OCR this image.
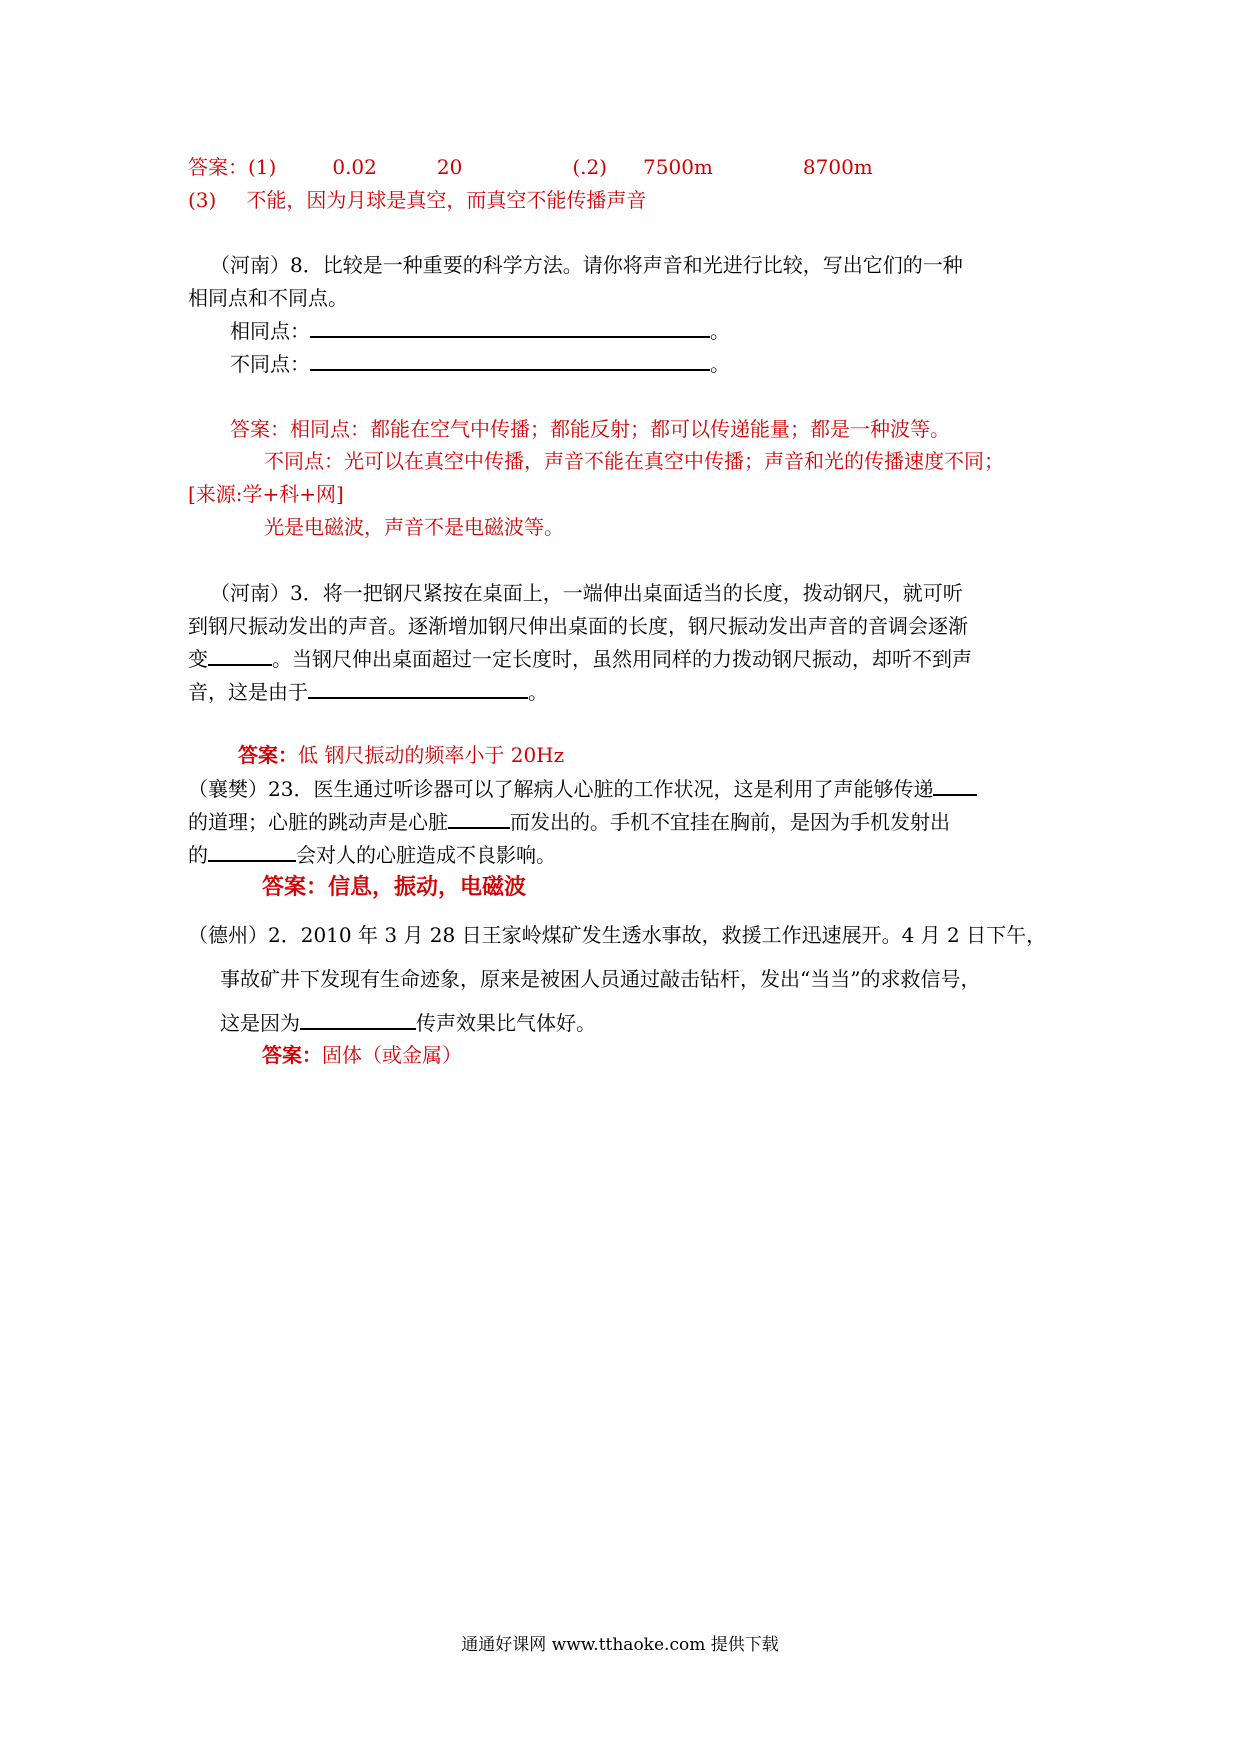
答案：(1)	0.02	20	(.2) 7500m	8700m
(3) 不能，因为月球是真空，而真空不能传播声音
（河南）8．比较是一种重要的科学方法。请你将声音和光进行比较，写出它们的一种
相同点和不同点。
相同点：	。
不同点：	。
答案：相同点：都能在空气中传播；都能反射；都可以传递能量；都是一种波等。
不同点：光可以在真空中传播，声音不能在真空中传播；声音和光的传播速度不同；
[来源:学+科+网]
光是电磁波，声音不是电磁波等。
（河南）3．将一把钢尺紧按在桌面上，一端伸出桌面适当的长度，拨动钢尺，就可听
到钢尺振动发出的声音。逐渐增加钢尺伸出桌面的长度，钢尺振动发出声音的音调会逐渐
变	。当钢尺伸出桌面超过一定长度时，虽然用同样的力拨动钢尺振动，却听不到声
音，这是由于	。
答案：低 钢尺振动的频率小于 20Hz
（襄樊）23．医生通过听诊器可以了解病人心脏的工作状况，这是利用了声能够传递
的道理；心脏的跳动声是心脏	而发出的。手机不宜挂在胸前，是因为手机发射出
的	会对人的心脏造成不良影响。
答案：信息，振动，电磁波
（德州）2．2010 年 3 月 28 日王家岭煤矿发生透水事故，救援工作迅速展开。4 月 2 日下午，
事故矿井下发现有生命迹象，原来是被困人员通过敲击钻杆，发出“当当”的求救信号，
这是因为	传声效果比气体好。
答案：固体（或金属）
通通好课网 www.tthaoke.com 提供下载
